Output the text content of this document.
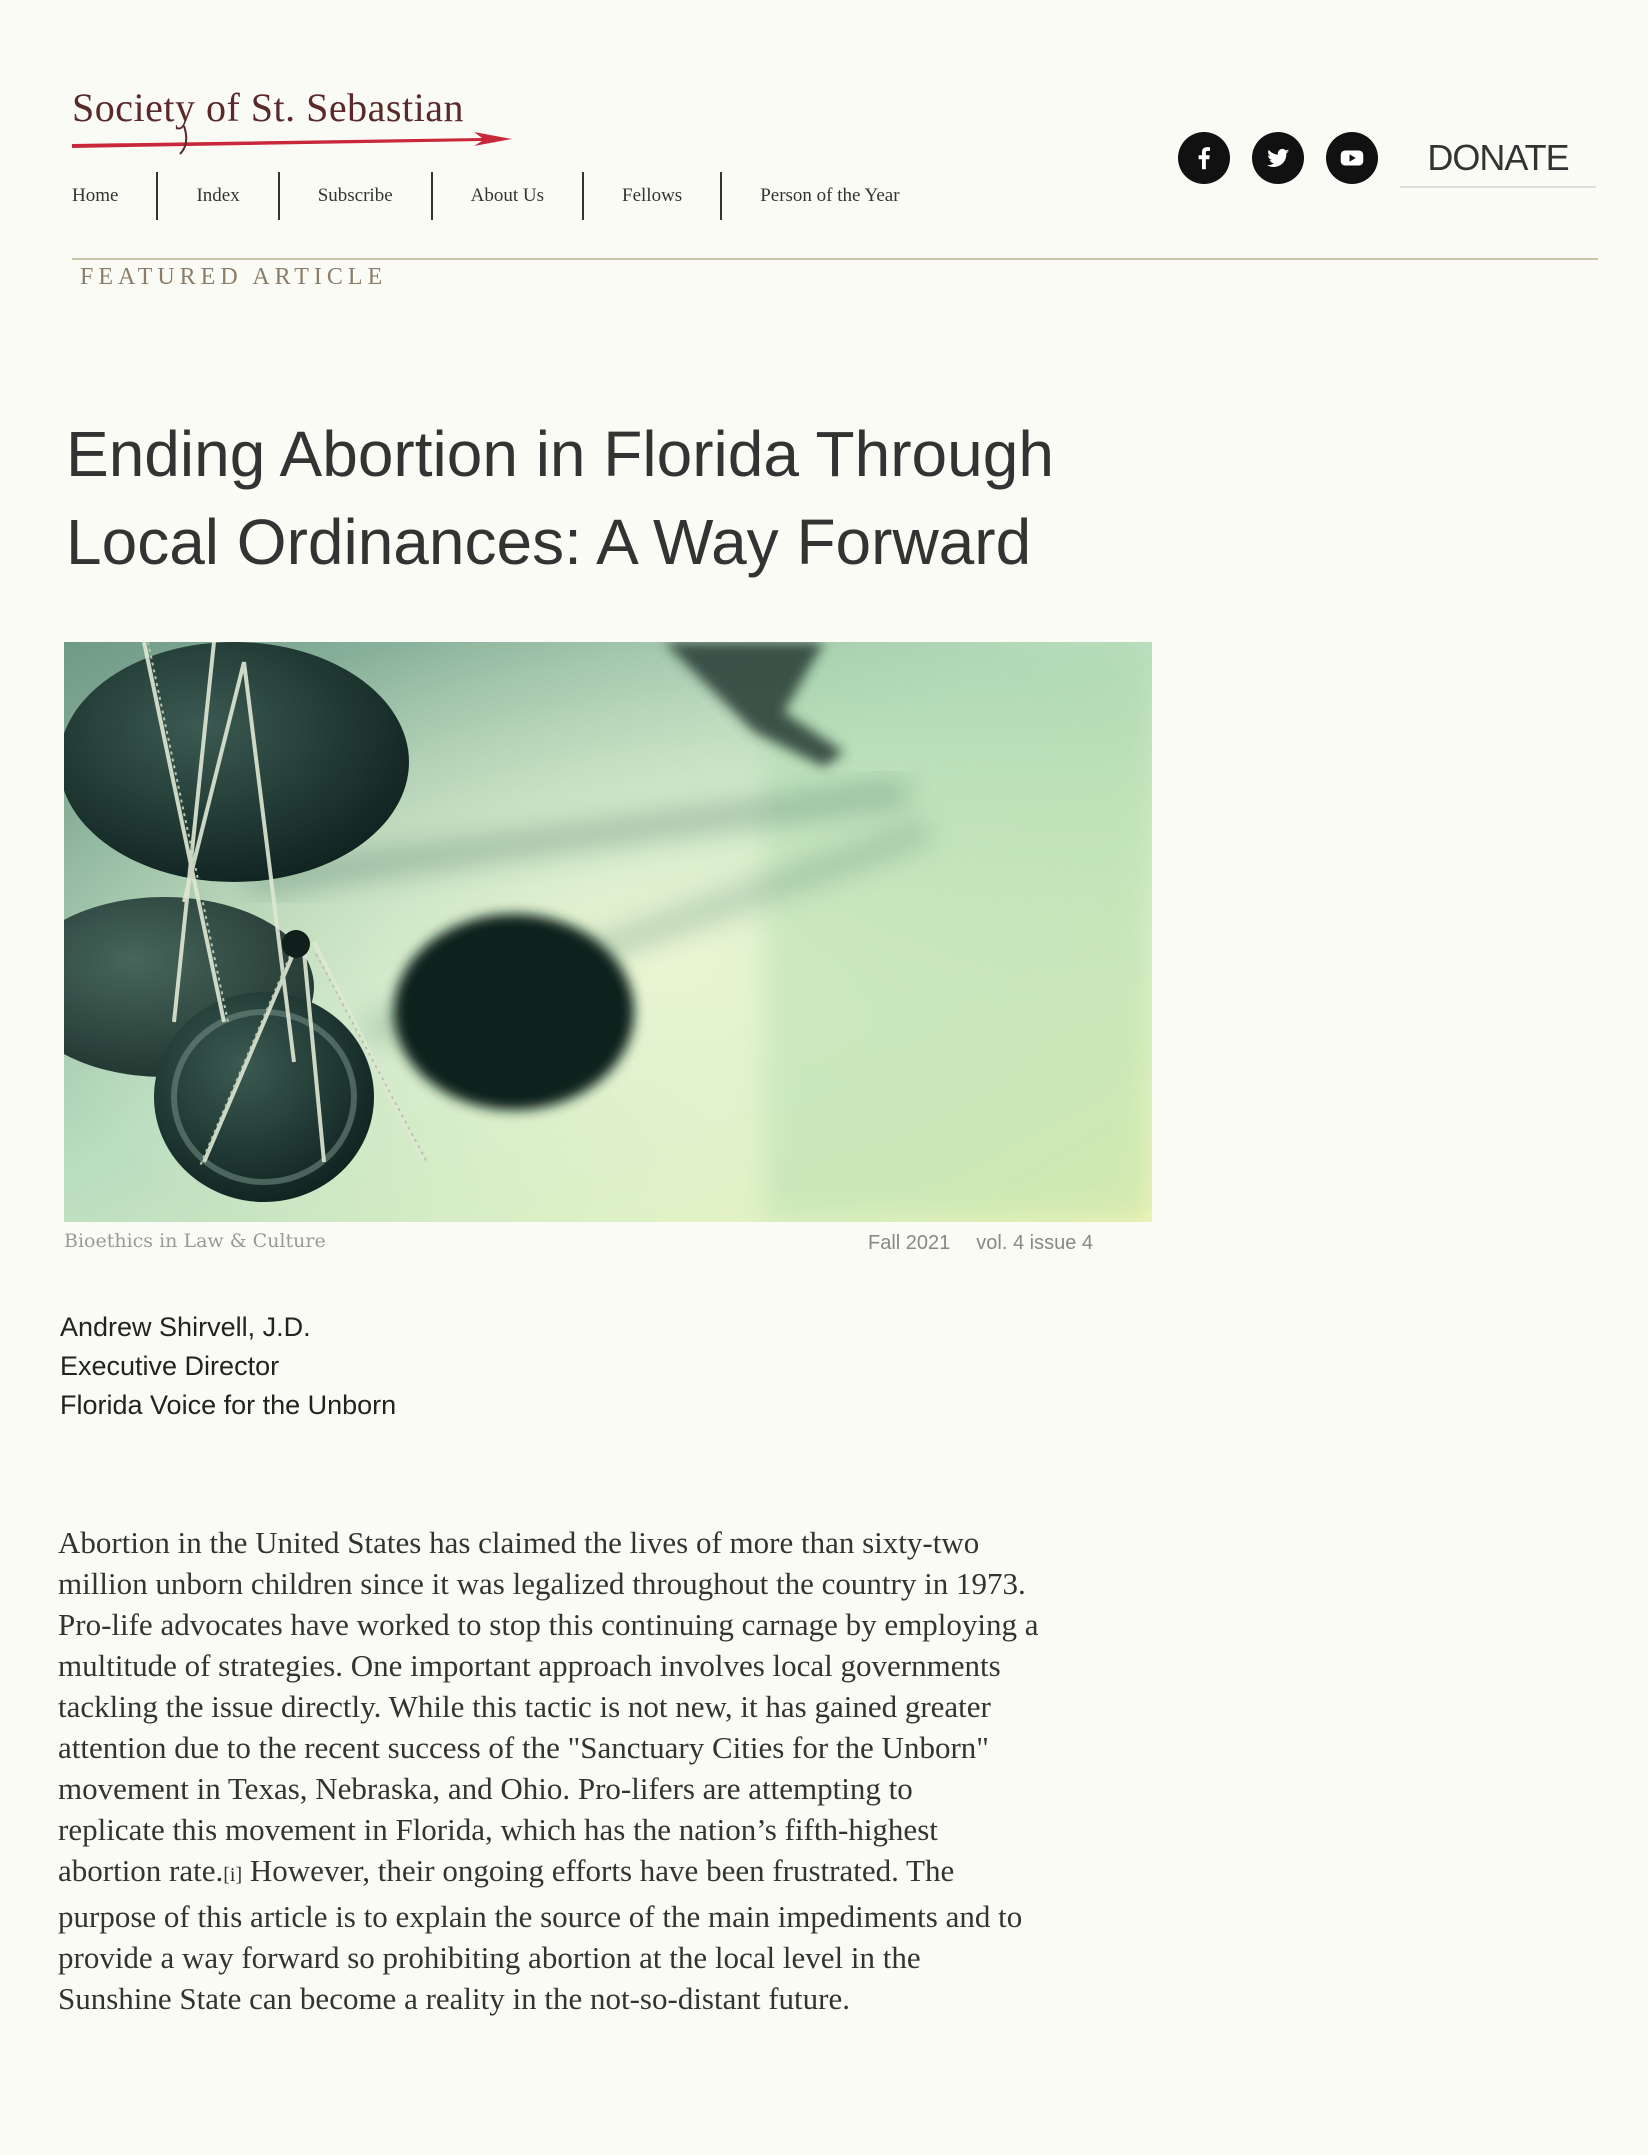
Society of St. Sebastian
Home	Index	Subscribe	About Us	Fellows	Person of the Year
DONATE
FEATURED ARTICLE
Ending Abortion in Florida Through
Local Ordinances: A Way Forward
Bioethics in Law & Culture	Fall 2021 vol. 4 issue 4
Andrew Shirvell, J.D.
Executive Director
Florida Voice for the Unborn
Abortion in the United States has claimed the lives of more than sixty-two
million unborn children since it was legalized throughout the country in 1973.
Pro-life advocates have worked to stop this continuing carnage by employing a
multitude of strategies. One important approach involves local governments
tackling the issue directly. While this tactic is not new, it has gained greater
attention due to the recent success of the "Sanctuary Cities for the Unborn"
movement in Texas, Nebraska, and Ohio. Pro-lifers are attempting to
replicate this movement in Florida, which has the nation’s fifth-highest
abortion rate.[i] However, their ongoing efforts have been frustrated. The
purpose of this article is to explain the source of the main impediments and to
provide a way forward so prohibiting abortion at the local level in the
Sunshine State can become a reality in the not-so-distant future.
